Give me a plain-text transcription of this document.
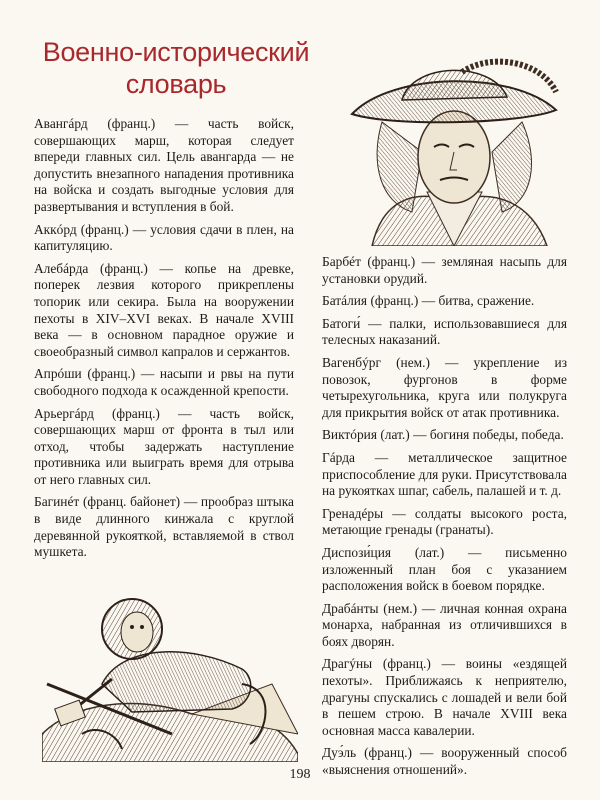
Военно-исторический словарь

Авангáрд (франц.) — часть войск, совершающих марш, которая следует впереди главных сил. Цель авангарда — не допустить внезапного нападения противника на войска и создать выгодные условия для развертывания и вступления в бой.

Аккóрд (франц.) — условия сдачи в плен, на капитуляцию.

Алебáрда (франц.) — копье на древке, поперек лезвия которого прикреплены топорик или секира. Была на вооружении пехоты в XIV–XVI веках. В начале XVIII века — в основном парадное оружие и своеобразный символ капралов и сержантов.

Апрóши (франц.) — насыпи и рвы на пути свободного подхода к осажденной крепости.

Арьергáрд (франц.) — часть войск, совершающих марш от фронта в тыл или отход, чтобы задержать наступление противника или выиграть время для отрыва от него главных сил.

Багинéт (франц. байонет) — прообраз штыка в виде длинного кинжала с круглой деревянной рукояткой, вставляемой в ствол мушкета.

Барбéт (франц.) — земляная насыпь для установки орудий.

Батáлия (франц.) — битва, сражение.

Батоги́ — палки, использовавшиеся для телесных наказаний.

Вагенбýрг (нем.) — укрепление из повозок, фургонов в форме четырехугольника, круга или полукруга для прикрытия войск от атак противника.

Виктóрия (лат.) — богиня победы, победа.

Гáрда — металлическое защитное приспособление для руки. Присутствовала на рукоятках шпаг, сабель, палашей и т. д.

Гренадéры — солдаты высокого роста, метающие гренады (гранаты).

Диспози́ция (лат.) — письменно изложенный план боя с указанием расположения войск в боевом порядке.

Драбáнты (нем.) — личная конная охрана монарха, набранная из отличившихся в боях дворян.

Драгýны (франц.) — воины «ездящей пехоты». Приближаясь к неприятелю, драгуны спускались с лошадей и вели бой в пешем строю. В начале XVIII века основная масса кавалерии.

Дуэ́ль (франц.) — вооруженный способ «выяснения отношений».

198
